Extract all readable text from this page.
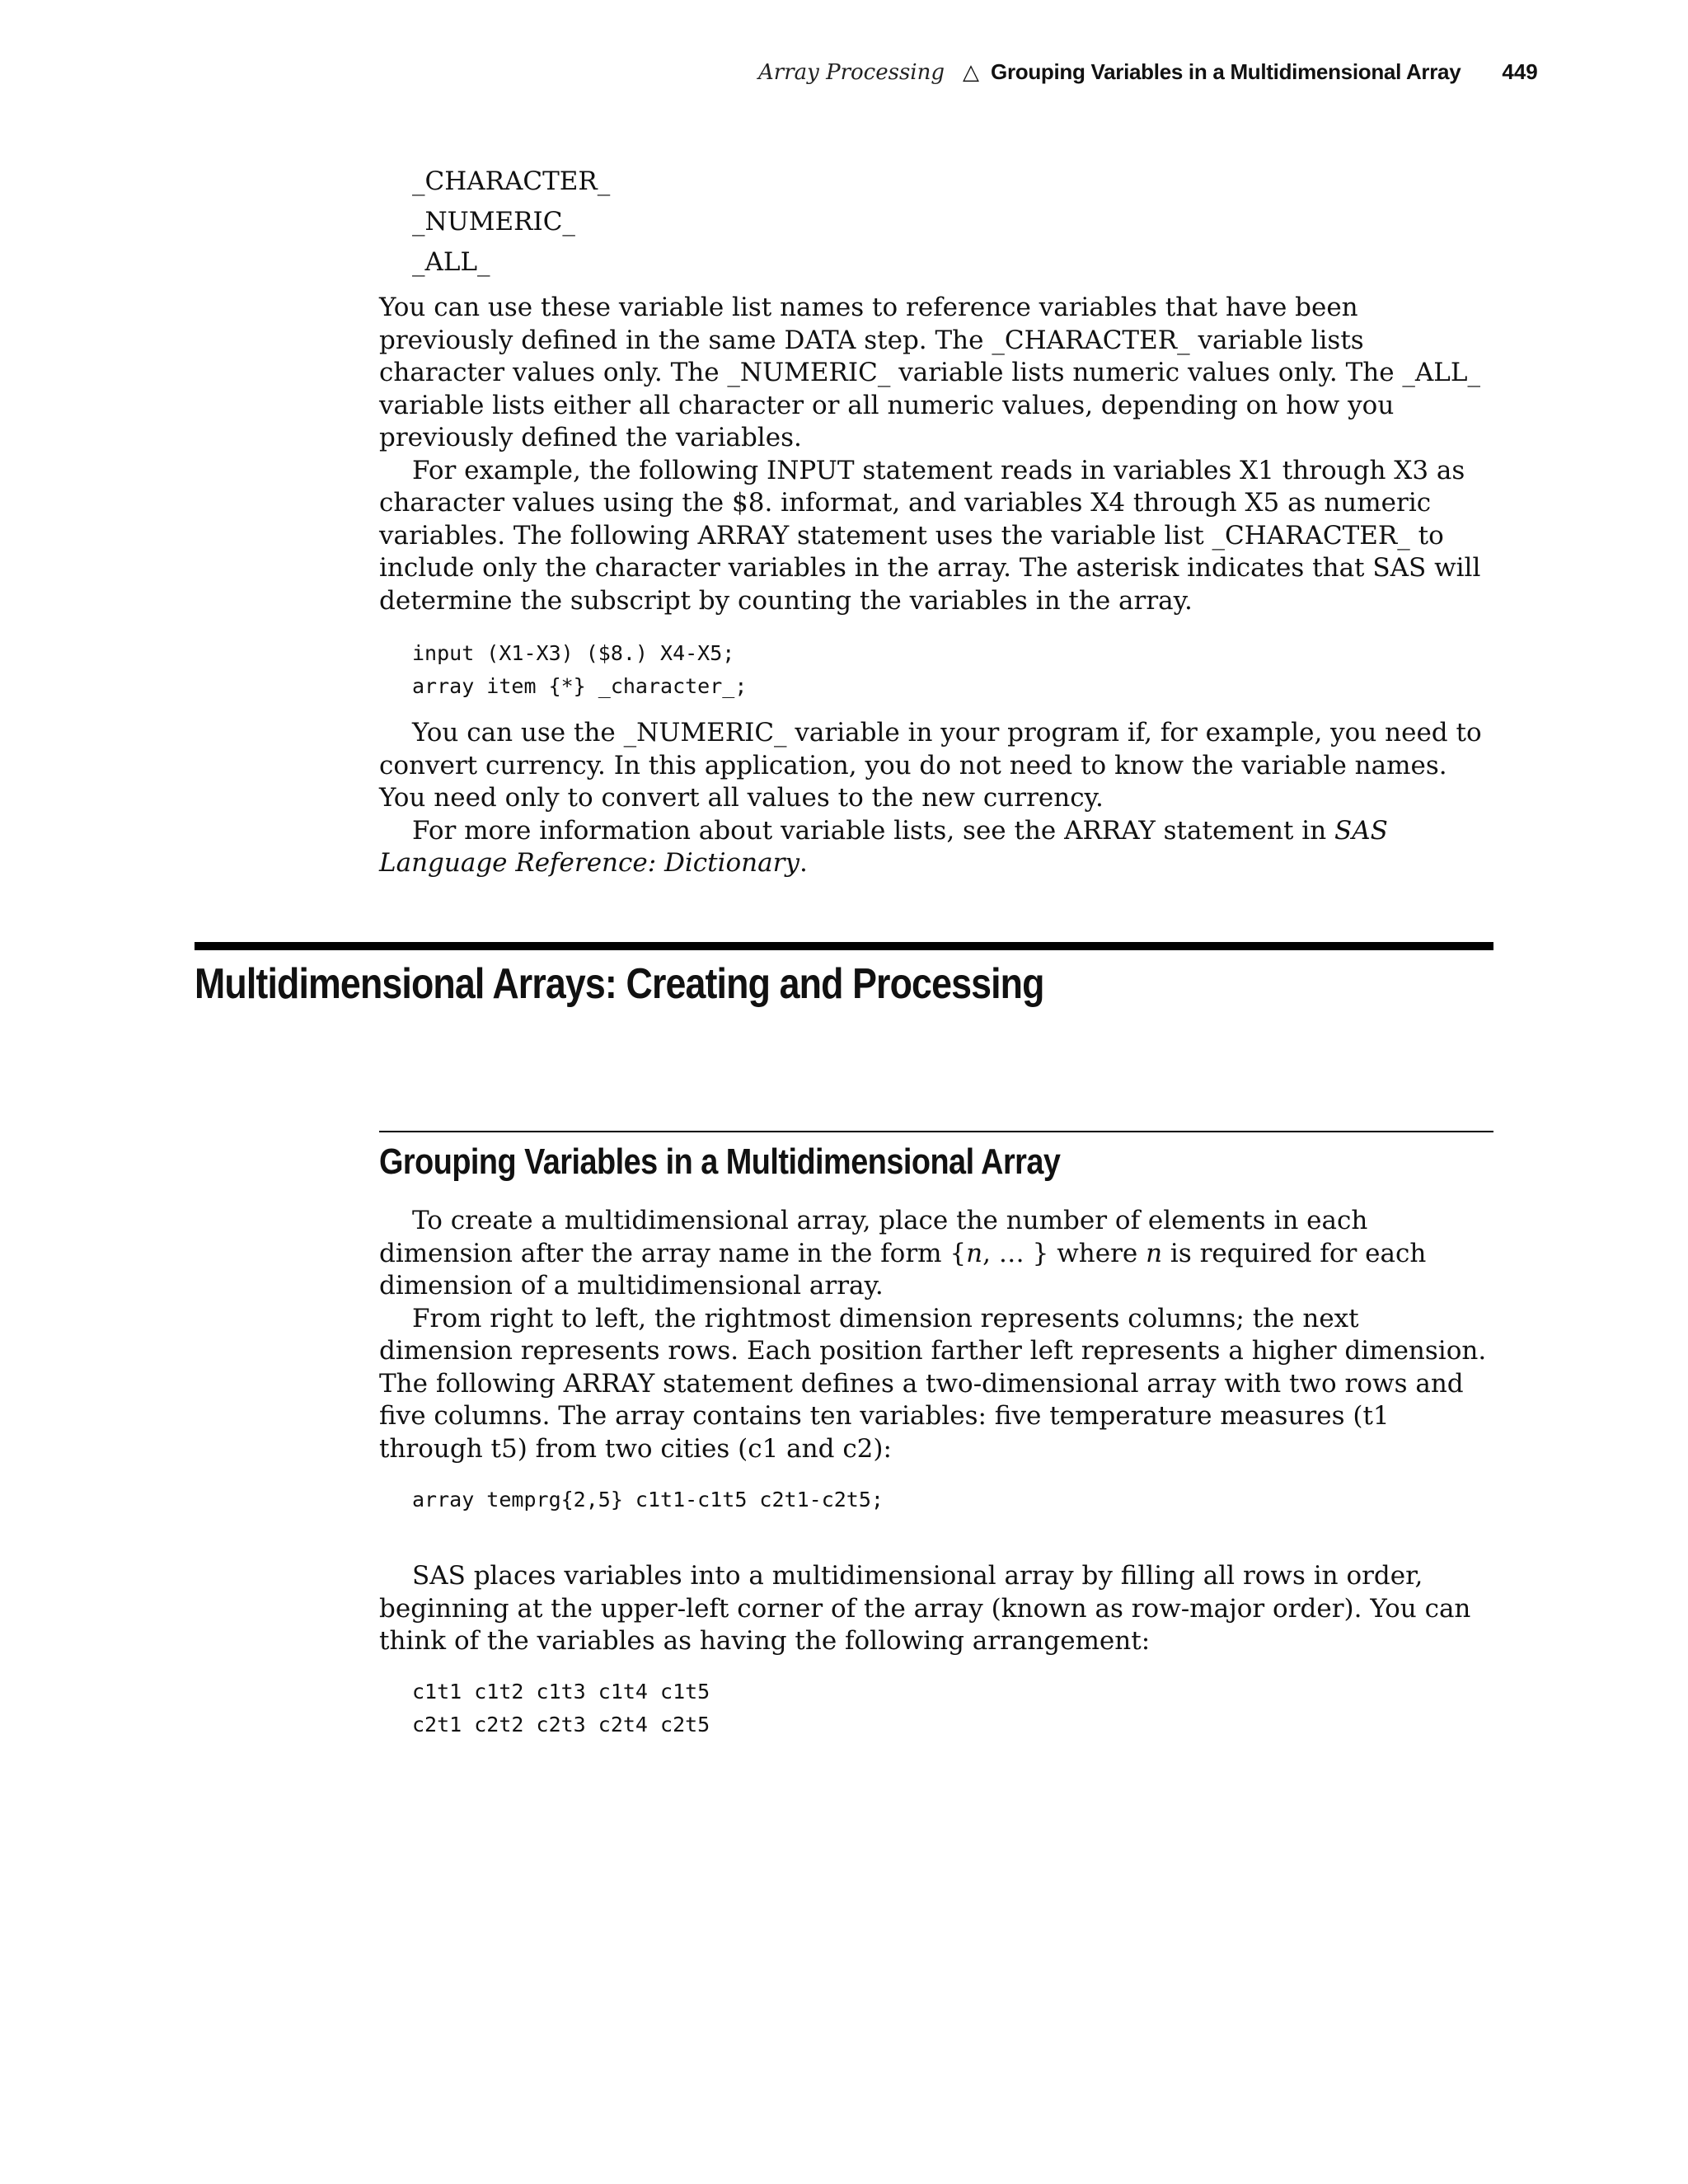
Array Processing △ Grouping Variables in a Multidimensional Array 449
_CHARACTER_
_NUMERIC_
_ALL_

You can use these variable list names to reference variables that have been previously defined in the same DATA step. The _CHARACTER_ variable lists character values only. The _NUMERIC_ variable lists numeric values only. The _ALL_ variable lists either all character or all numeric values, depending on how you previously defined the variables.

For example, the following INPUT statement reads in variables X1 through X3 as character values using the $8. informat, and variables X4 through X5 as numeric variables. The following ARRAY statement uses the variable list _CHARACTER_ to include only the character variables in the array. The asterisk indicates that SAS will determine the subscript by counting the variables in the array.

input (X1-X3) ($8.) X4-X5;
array item {*} _character_;

You can use the _NUMERIC_ variable in your program if, for example, you need to convert currency. In this application, you do not need to know the variable names. You need only to convert all values to the new currency.

For more information about variable lists, see the ARRAY statement in SAS Language Reference: Dictionary.

Multidimensional Arrays: Creating and Processing
Grouping Variables in a Multidimensional Array

To create a multidimensional array, place the number of elements in each dimension after the array name in the form {n, … } where n is required for each dimension of a multidimensional array.

From right to left, the rightmost dimension represents columns; the next dimension represents rows. Each position farther left represents a higher dimension. The following ARRAY statement defines a two-dimensional array with two rows and five columns. The array contains ten variables: five temperature measures (t1 through t5) from two cities (c1 and c2):

array temprg{2,5} c1t1-c1t5 c2t1-c2t5;

SAS places variables into a multidimensional array by filling all rows in order, beginning at the upper-left corner of the array (known as row-major order). You can think of the variables as having the following arrangement:

c1t1 c1t2 c1t3 c1t4 c1t5
c2t1 c2t2 c2t3 c2t4 c2t5
